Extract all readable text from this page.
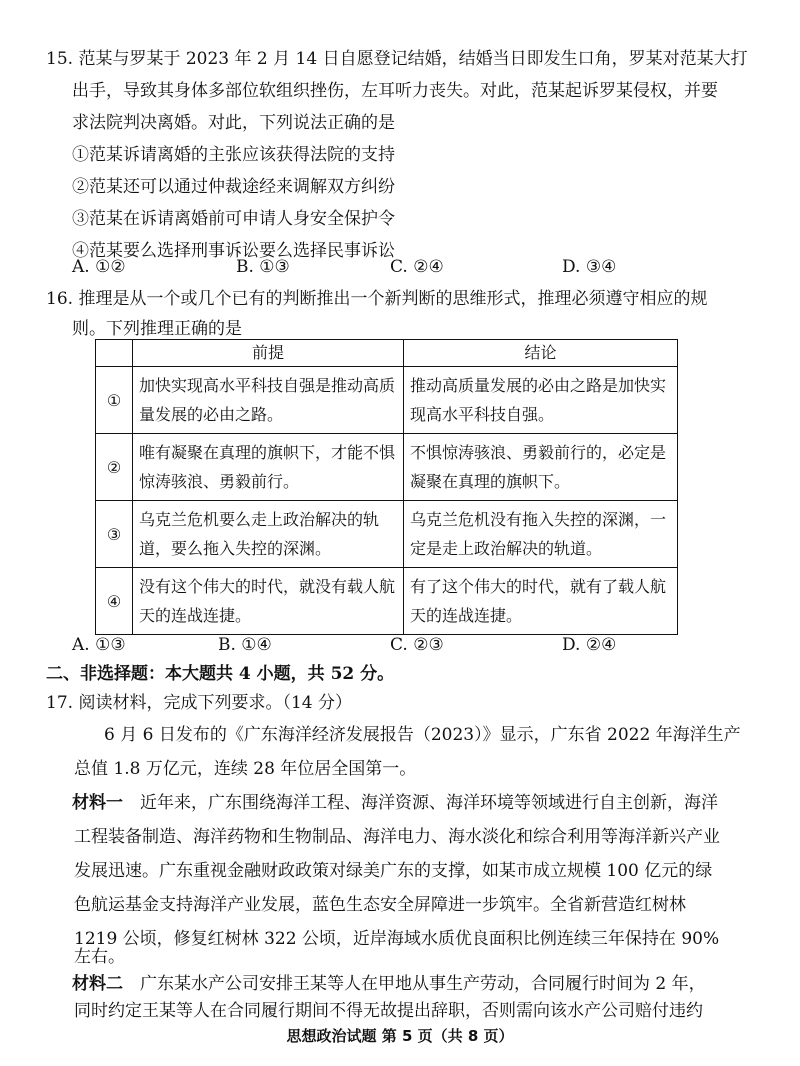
15. 范某与罗某于 2023 年 2 月 14 日自愿登记结婚，结婚当日即发生口角，罗某对范某大打
出手，导致其身体多部位软组织挫伤，左耳听力丧失。对此，范某起诉罗某侵权，并要
求法院判决离婚。对此，下列说法正确的是
①范某诉请离婚的主张应该获得法院的支持
②范某还可以通过仲裁途经来调解双方纠纷
③范某在诉请离婚前可申请人身安全保护令
④范某要么选择刑事诉讼要么选择民事诉讼
A. ①②	B. ①③	C. ②④	D. ③④
16. 推理是从一个或几个已有的判断推出一个新判断的思维形式，推理必须遵守相应的规
则。下列推理正确的是
	前提	结论
①	加快实现高水平科技自强是推动高质量发展的必由之路。	推动高质量发展的必由之路是加快实现高水平科技自强。
②	唯有凝聚在真理的旗帜下，才能不惧惊涛骇浪、勇毅前行。	不惧惊涛骇浪、勇毅前行的，必定是凝聚在真理的旗帜下。
③	乌克兰危机要么走上政治解决的轨道，要么拖入失控的深渊。	乌克兰危机没有拖入失控的深渊，一定是走上政治解决的轨道。
④	没有这个伟大的时代，就没有载人航天的连战连捷。	有了这个伟大的时代，就有了载人航天的连战连捷。
A. ①③	B. ①④	C. ②③	D. ②④
二、非选择题：本大题共 4 小题，共 52 分。
17. 阅读材料，完成下列要求。（14 分）
6 月 6 日发布的《广东海洋经济发展报告（2023）》显示，广东省 2022 年海洋生产
总值 1.8 万亿元，连续 28 年位居全国第一。
材料一 近年来，广东围绕海洋工程、海洋资源、海洋环境等领域进行自主创新，海洋
工程装备制造、海洋药物和生物制品、海洋电力、海水淡化和综合利用等海洋新兴产业
发展迅速。广东重视金融财政政策对绿美广东的支撑，如某市成立规模 100 亿元的绿
色航运基金支持海洋产业发展，蓝色生态安全屏障进一步筑牢。全省新营造红树林
1219 公顷，修复红树林 322 公顷，近岸海域水质优良面积比例连续三年保持在 90%
左右。
材料二 广东某水产公司安排王某等人在甲地从事生产劳动，合同履行时间为 2 年，
思想政治试题 第 5 页（共 8 页）
同时约定王某等人在合同履行期间不得无故提出辞职，否则需向该水产公司赔付违约
